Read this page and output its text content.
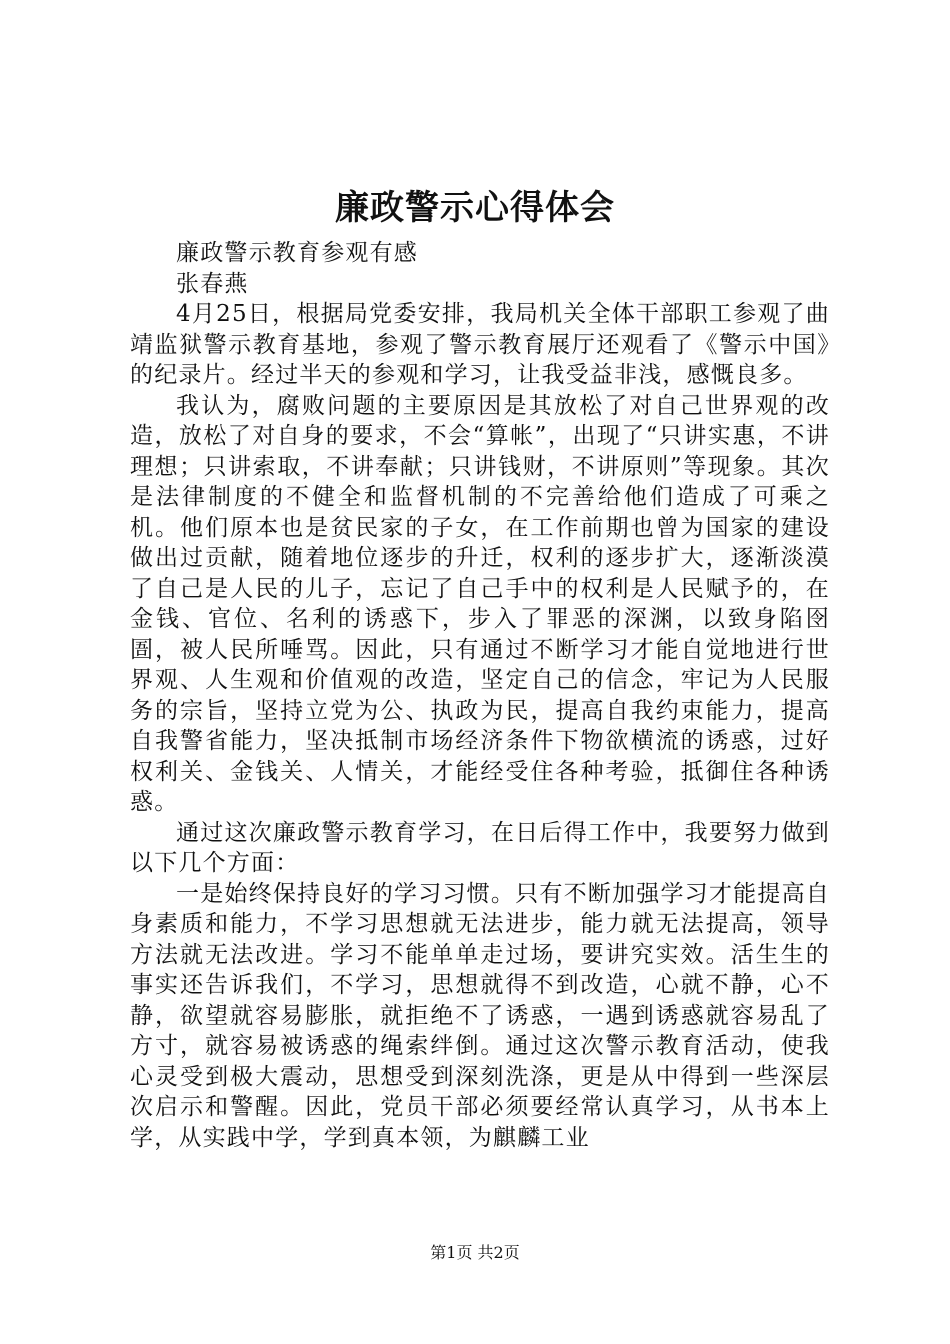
廉政警示心得体会

廉政警示教育参观有感

张春燕

4月25日，根据局党委安排，我局机关全体干部职工参观了曲靖监狱警示教育基地，参观了警示教育展厅还观看了《警示中国》的纪录片。经过半天的参观和学习，让我受益非浅，感慨良多。

我认为，腐败问题的主要原因是其放松了对自己世界观的改造，放松了对自身的要求，不会“算帐”，出现了“只讲实惠，不讲理想；只讲索取，不讲奉献；只讲钱财，不讲原则”等现象。其次是法律制度的不健全和监督机制的不完善给他们造成了可乘之机。他们原本也是贫民家的子女，在工作前期也曾为国家的建设做出过贡献，随着地位逐步的升迁，权利的逐步扩大，逐渐淡漠了自己是人民的儿子，忘记了自己手中的权利是人民赋予的，在金钱、官位、名利的诱惑下，步入了罪恶的深渊，以致身陷囹圄，被人民所唾骂。因此，只有通过不断学习才能自觉地进行世界观、人生观和价值观的改造，坚定自己的信念，牢记为人民服务的宗旨，坚持立党为公、执政为民，提高自我约束能力，提高自我警省能力，坚决抵制市场经济条件下物欲横流的诱惑，过好权利关、金钱关、人情关，才能经受住各种考验，抵御住各种诱惑。

通过这次廉政警示教育学习，在日后得工作中，我要努力做到以下几个方面：

一是始终保持良好的学习习惯。只有不断加强学习才能提高自身素质和能力，不学习思想就无法进步，能力就无法提高，领导方法就无法改进。学习不能单单走过场，要讲究实效。活生生的事实还告诉我们，不学习，思想就得不到改造，心就不静，心不静，欲望就容易膨胀，就拒绝不了诱惑，一遇到诱惑就容易乱了方寸，就容易被诱惑的绳索绊倒。通过这次警示教育活动，使我心灵受到极大震动，思想受到深刻洗涤，更是从中得到一些深层次启示和警醒。因此，党员干部必须要经常认真学习，从书本上学，从实践中学，学到真本领，为麒麟工业

第1页 共2页
